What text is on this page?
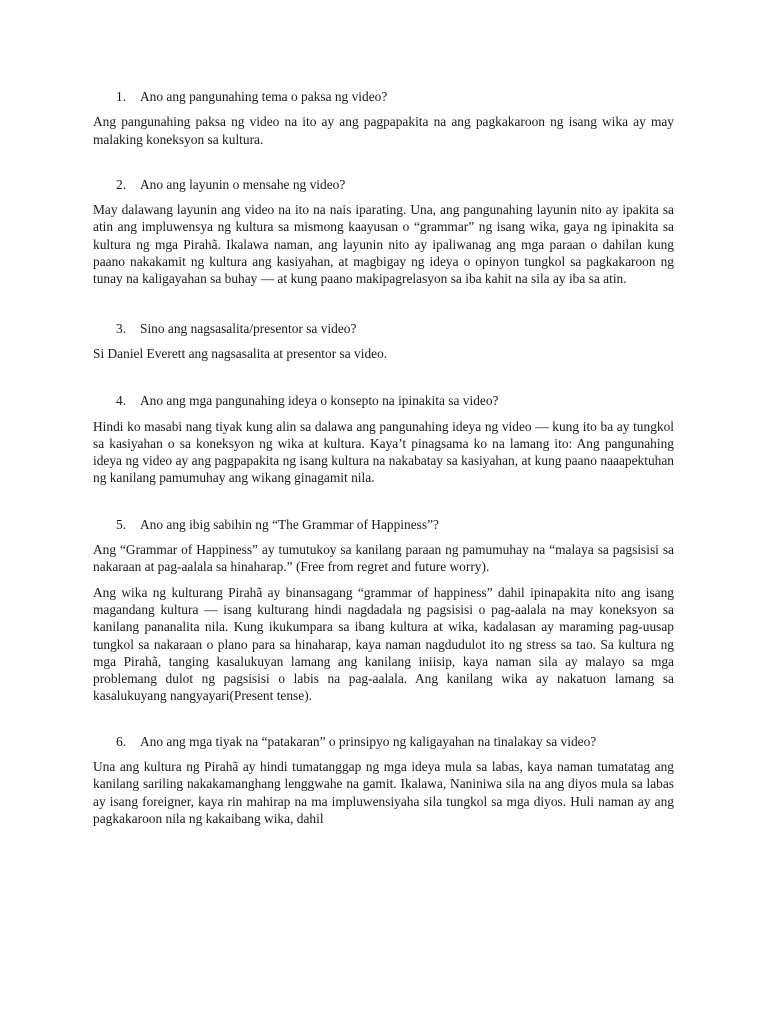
1.	Ano ang pangunahing tema o paksa ng video?

Ang pangunahing paksa ng video na ito ay ang pagpapakita na ang pagkakaroon ng isang wika ay may malaking koneksyon sa kultura.

2.	Ano ang layunin o mensahe ng video?

May dalawang layunin ang video na ito na nais iparating. Una, ang pangunahing layunin nito ay ipakita sa atin ang impluwensya ng kultura sa mismong kaayusan o “grammar” ng isang wika, gaya ng ipinakita sa kultura ng mga Pirahã. Ikalawa naman, ang layunin nito ay ipaliwanag ang mga paraan o dahilan kung paano nakakamit ng kultura ang kasiyahan, at magbigay ng ideya o opinyon tungkol sa pagkakaroon ng tunay na kaligayahan sa buhay — at kung paano makipagrelasyon sa iba kahit na sila ay iba sa atin.

3.	Sino ang nagsasalita/presentor sa video?

Si Daniel Everett ang nagsasalita at presentor sa video.

4.	Ano ang mga pangunahing ideya o konsepto na ipinakita sa video?

Hindi ko masabi nang tiyak kung alin sa dalawa ang pangunahing ideya ng video — kung ito ba ay tungkol sa kasiyahan o sa koneksyon ng wika at kultura. Kaya’t pinagsama ko na lamang ito: Ang pangunahing ideya ng video ay ang pagpapakita ng isang kultura na nakabatay sa kasiyahan, at kung paano naaapektuhan ng kanilang pamumuhay ang wikang ginagamit nila.

5.	Ano ang ibig sabihin ng “The Grammar of Happiness”?

Ang “Grammar of Happiness” ay tumutukoy sa kanilang paraan ng pamumuhay na “malaya sa pagsisisi sa nakaraan at pag-aalala sa hinaharap.” (Free from regret and future worry).

Ang wika ng kulturang Pirahã ay binansagang “grammar of happiness” dahil ipinapakita nito ang isang magandang kultura — isang kulturang hindi nagdadala ng pagsisisi o pag-aalala na may koneksyon sa kanilang pananalita nila. Kung ikukumpara sa ibang kultura at wika, kadalasan ay maraming pag-uusap tungkol sa nakaraan o plano para sa hinaharap, kaya naman nagdudulot ito ng stress sa tao. Sa kultura ng mga Pirahã, tanging kasalukuyan lamang ang kanilang iniisip, kaya naman sila ay malayo sa mga problemang dulot ng pagsisisi o labis na pag-aalala. Ang kanilang wika ay nakatuon lamang sa kasalukuyang nangyayari(Present tense).

6.	Ano ang mga tiyak na “patakaran” o prinsipyo ng kaligayahan na tinalakay sa video?

Una ang kultura ng Pirahã ay hindi tumatanggap ng mga ideya mula sa labas, kaya naman tumatatag ang kanilang sariling nakakamanghang lenggwahe na gamit. Ikalawa, Naniniwa sila na ang diyos mula sa labas ay isang foreigner, kaya rin mahirap na ma impluwensiyaha sila tungkol sa mga diyos. Huli naman ay ang pagkakaroon nila ng kakaibang wika, dahil
